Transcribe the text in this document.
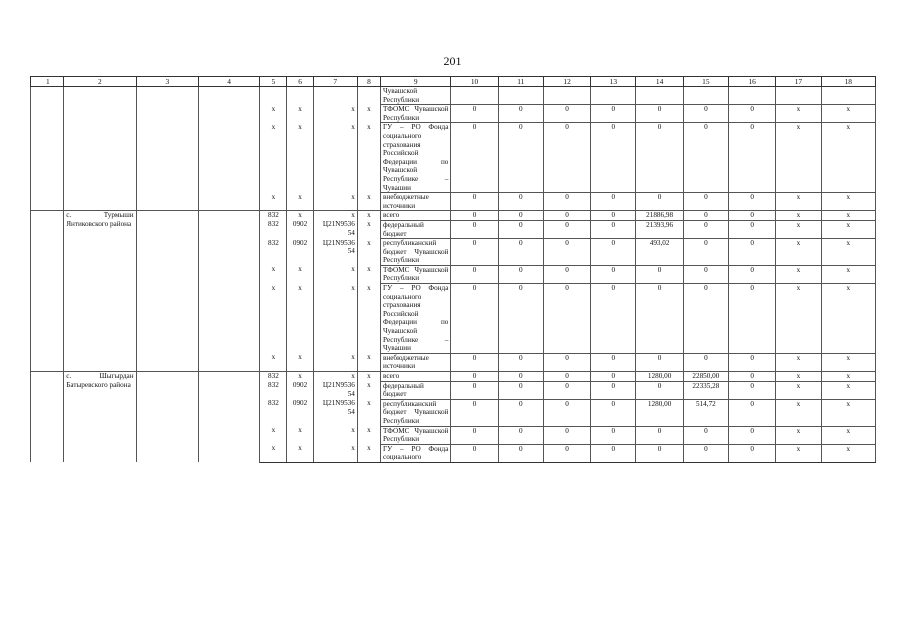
201
1	2	3	4	5	6	7	8	9	10	11	12	13	14	15	16	17	18
								Чувашской Республики									
				x	x	x	x	ТФОМС Чувашской Республики	0	0	0	0	0	0	0	x	x
				x	x	x	x	ГУ – РО Фонда социального страхования Российской Федерации по Чувашской Республике – Чувашии	0	0	0	0	0	0	0	x	x
				x	x	x	x	внебюджетные источники	0	0	0	0	0	0	0	x	x
	с. Турмыши Янтиковского района			832	x	x	x	всего	0	0	0	0	21886,98	0	0	x	x
				832	0902	Ц21N9536 54	x	федеральный бюджет	0	0	0	0	21393,96	0	0	x	x
				832	0902	Ц21N9536 54	x	республиканский бюджет Чувашской Республики	0	0	0	0	493,02	0	0	x	x
				x	x	x	x	ТФОМС Чувашской Республики	0	0	0	0	0	0	0	x	x
				x	x	x	x	ГУ – РО Фонда социального страхования Российской Федерации по Чувашской Республике – Чувашии	0	0	0	0	0	0	0	x	x
				x	x	x	x	внебюджетные источники	0	0	0	0	0	0	0	x	x
	с. Шыгырдан Батыревского района			832	x	x	x	всего	0	0	0	0	1280,00	22850,00	0	x	x
				832	0902	Ц21N9536 54	x	федеральный бюджет	0	0	0	0	0	22335,28	0	x	x
				832	0902	Ц21N9536 54	x	республиканский бюджет Чувашской Республики	0	0	0	0	1280,00	514,72	0	x	x
				x	x	x	x	ТФОМС Чувашской Республики	0	0	0	0	0	0	0	x	x
				x	x	x	x	ГУ – РО Фонда социального	0	0	0	0	0	0	0	x	x
